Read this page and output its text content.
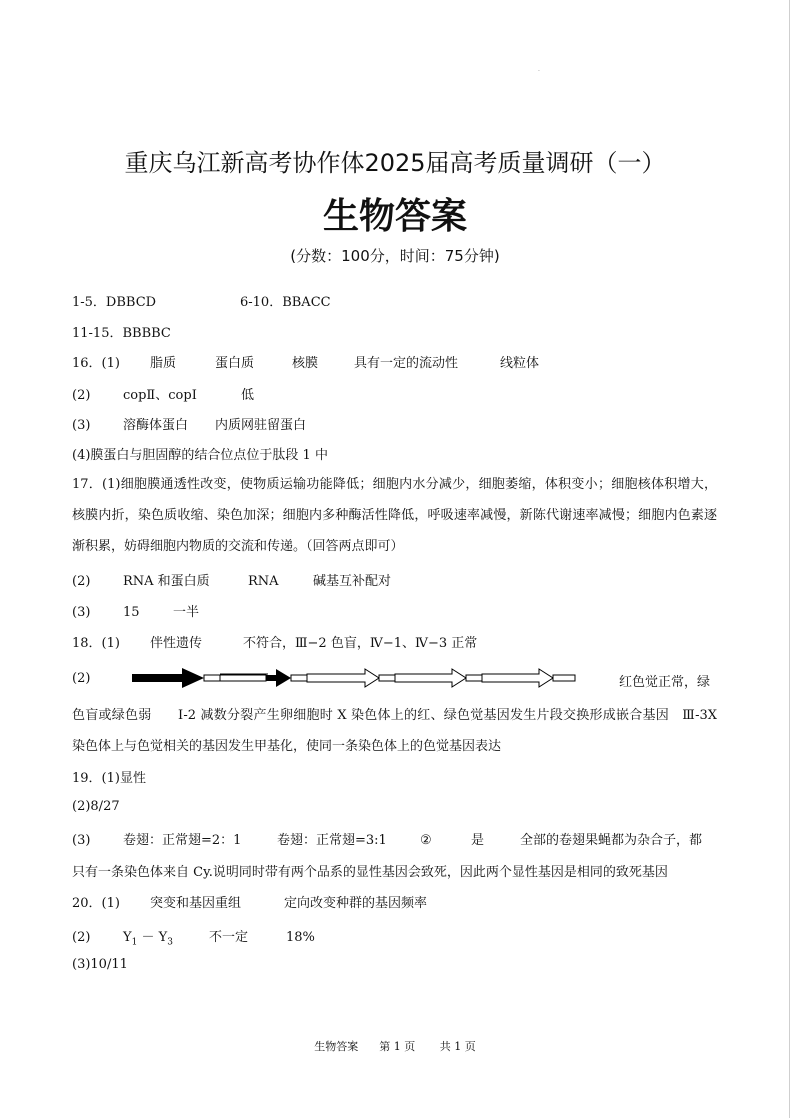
.
重庆乌江新高考协作体2025届高考质量调研（一）
生物答案
(分数：100分，时间：75分钟)
1-5．DBBCD	6-10．BBACC
11-15．BBBBC
16．(1) 脂质	蛋白质	核膜	具有一定的流动性	线粒体
(2)	copⅡ、copⅠ	低
(3)	溶酶体蛋白 内质网驻留蛋白
(4)膜蛋白与胆固醇的结合位点位于肽段 1 中
17．(1)细胞膜通透性改变，使物质运输功能降低；细胞内水分减少，细胞萎缩，体积变小；细胞核体积增大，核膜内折，染色质收缩、染色加深；细胞内多种酶活性降低，呼吸速率减慢，新陈代谢速率减慢；细胞内色素逐渐积累，妨碍细胞内物质的交流和传递。（回答两点即可）
(2)	RNA 和蛋白质	RNA	碱基互补配对
(3)	15	一半
18．(1) 伴性遗传	不符合，Ⅲ−2 色盲，Ⅳ−1、Ⅳ−3 正常
(2)	红色觉正常，绿
色盲或绿色弱　　Ⅰ-2 减数分裂产生卵细胞时 X 染色体上的红、绿色觉基因发生片段交换形成嵌合基因　Ⅲ-3X 染色体上与色觉相关的基因发生甲基化，使同一条染色体上的色觉基因表达
19．(1)显性
(2)8/27
(3)	卷翅：正常翅=2：1	卷翅：正常翅=3:1	②	是	全部的卷翅果蝇都为杂合子，都
只有一条染色体来自 Cy.说明同时带有两个品系的显性基因会致死，因此两个显性基因是相同的致死基因
20．(1) 突变和基因重组	定向改变种群的基因频率
(2)	$Y_1 - Y_3$	不一定	18%
(3)10/11
生物答案 第 1 页 共 1 页
